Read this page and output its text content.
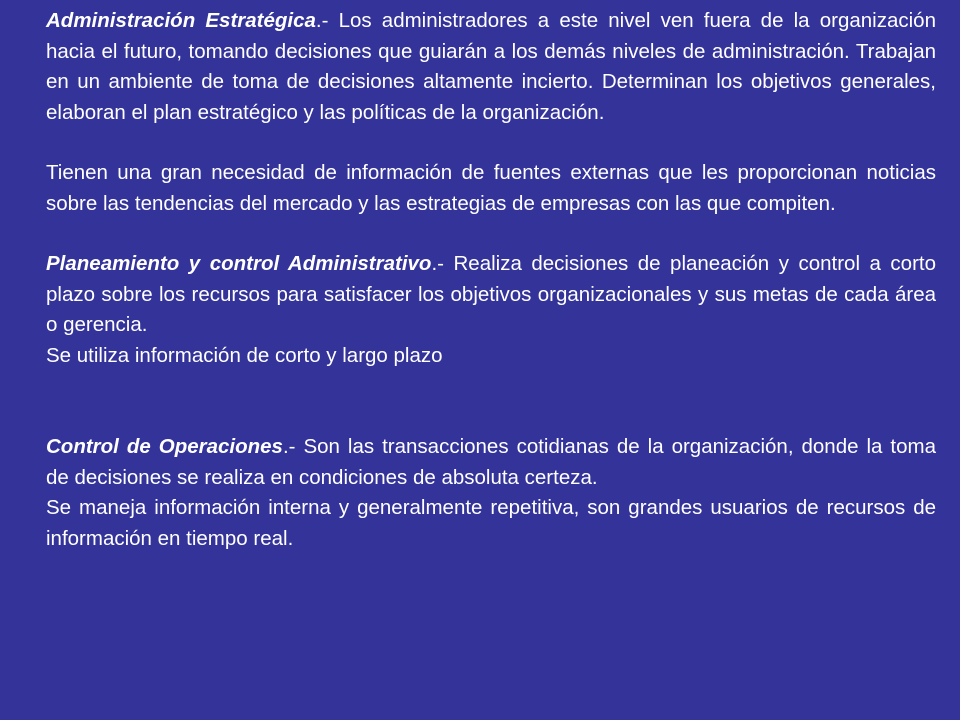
Administración Estratégica.- Los administradores a este nivel ven fuera de la organización hacia el futuro, tomando decisiones que guiarán a los demás niveles de administración. Trabajan en un ambiente de toma de decisiones altamente incierto. Determinan los objetivos generales, elaboran el plan estratégico y las políticas de la organización.

Tienen una gran necesidad de información de fuentes externas que les proporcionan noticias sobre las tendencias del mercado y las estrategias de empresas con las que compiten.

Planeamiento y control Administrativo.- Realiza decisiones de planeación y control a corto plazo sobre los recursos para satisfacer los objetivos organizacionales y sus metas de cada área o gerencia.
Se utiliza información de corto y largo plazo

Control de Operaciones.- Son las transacciones cotidianas de la organización, donde la toma de decisiones se realiza en condiciones de absoluta certeza.
Se maneja información interna y generalmente repetitiva, son grandes usuarios de recursos de información en tiempo real.
